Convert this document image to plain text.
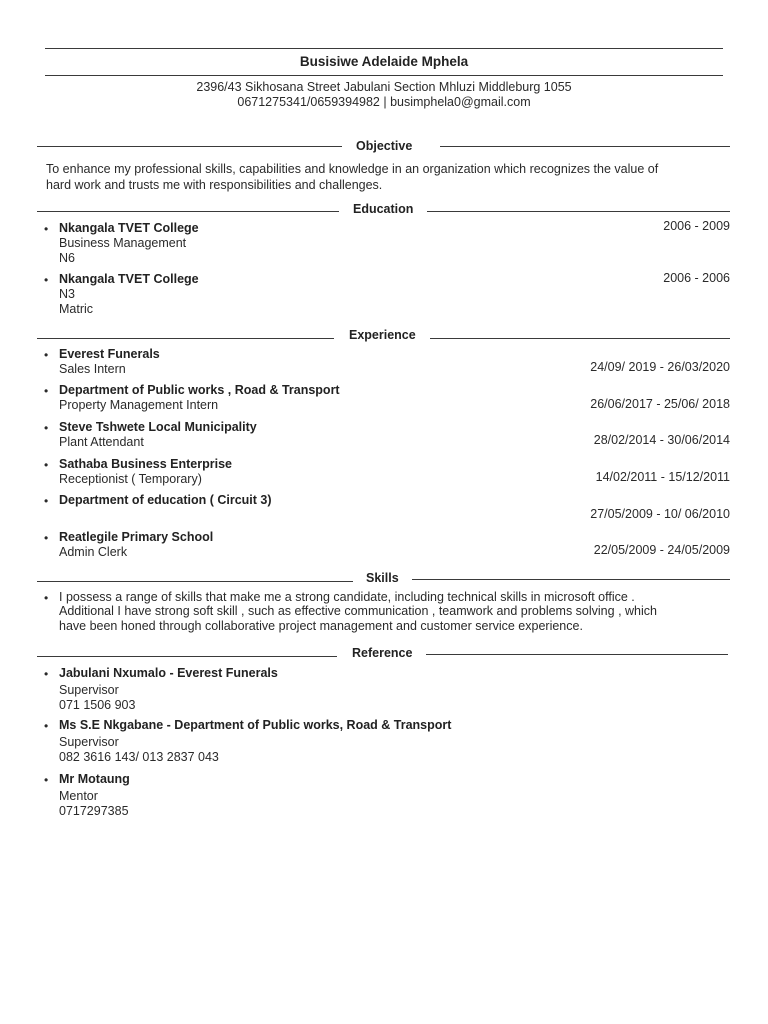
Busisiwe Adelaide Mphela
2396/43 Sikhosana Street Jabulani Section Mhluzi Middleburg 1055
0671275341/0659394982 | busimphela0@gmail.com
Objective
To enhance my professional skills, capabilities and knowledge in an organization which recognizes the value of
hard work and trusts me with responsibilities and challenges.
Education
• Nkangala TVET College
Business Management
N6
2006 - 2009
• Nkangala TVET College
N3
Matric
2006 - 2006
Experience
• Everest Funerals
Sales Intern	24/09/ 2019 - 26/03/2020
• Department of Public works , Road & Transport
Property Management Intern	26/06/2017 - 25/06/ 2018
• Steve Tshwete Local Municipality
Plant Attendant	28/02/2014 - 30/06/2014
• Sathaba Business Enterprise
Receptionist ( Temporary)	14/02/2011 - 15/12/2011
• Department of education ( Circuit 3)
27/05/2009 - 10/ 06/2010
• Reatlegile Primary School
Admin Clerk	22/05/2009 - 24/05/2009
Skills
• I possess a range of skills that make me a strong candidate, including technical skills in microsoft office .
Additional I have strong soft skill , such as effective communication , teamwork and problems solving , which
have been honed through collaborative project management and customer service experience.
Reference
• Jabulani Nxumalo - Everest Funerals
Supervisor
071 1506 903
• Ms S.E Nkgabane - Department of Public works, Road & Transport
Supervisor
082 3616 143/ 013 2837 043
• Mr Motaung
Mentor
0717297385
